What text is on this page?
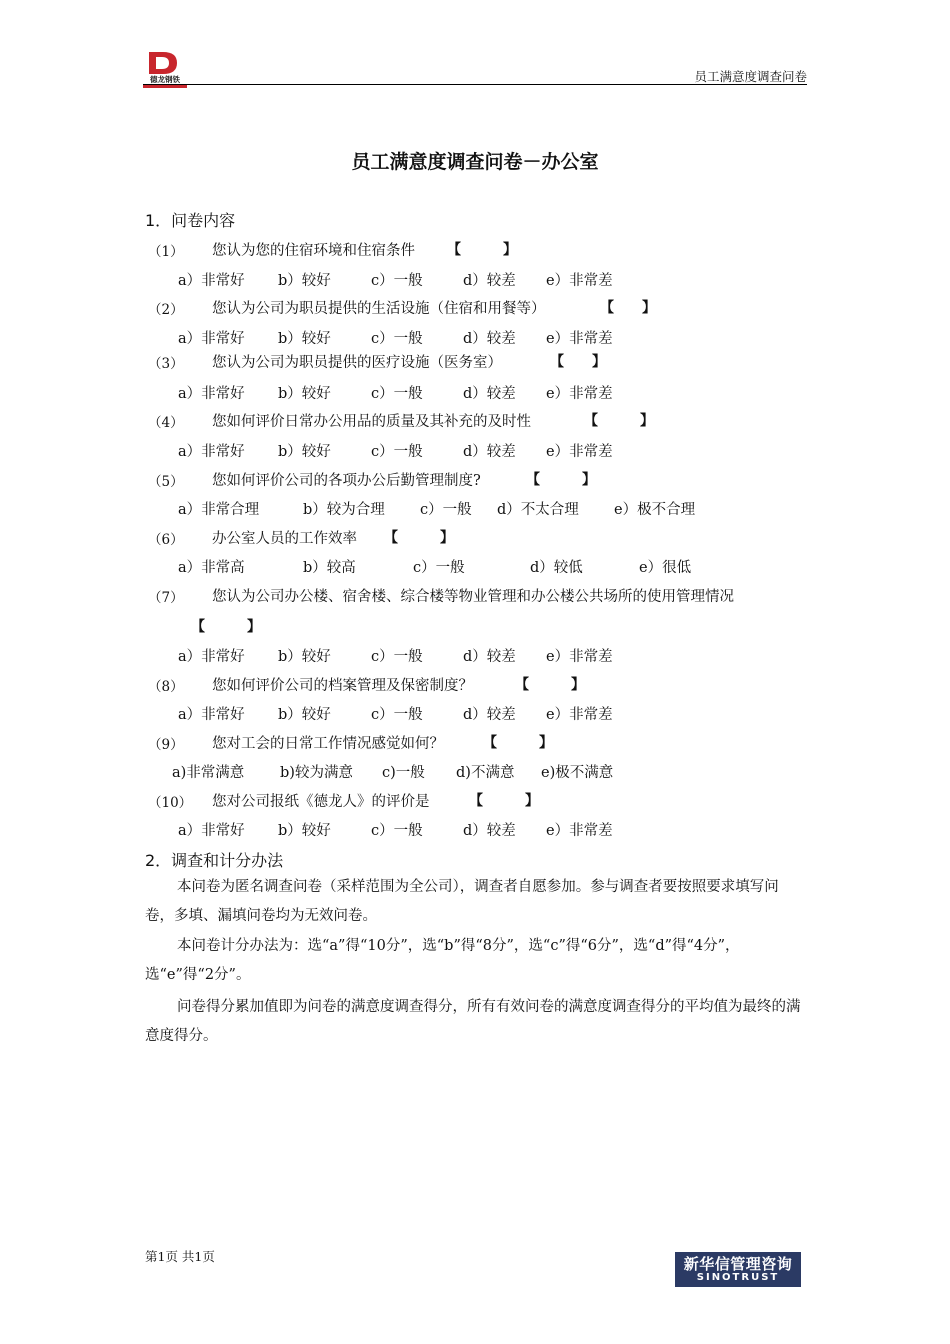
德龙钢铁	员工满意度调查问卷
员工满意度调查问卷－办公室
1．问卷内容
（1） 您认为您的住宿环境和住宿条件 【　　　】
a）非常好 b）较好	c）一般	d）较差 e）非常差
（2） 您认为公司为职员提供的生活设施（住宿和用餐等）	【　　】
a）非常好 b）较好	c）一般	d）较差 e）非常差
（3） 您认为公司为职员提供的医疗设施（医务室）	【　　】
a）非常好 b）较好	c）一般	d）较差 e）非常差
（4） 您如何评价日常办公用品的质量及其补充的及时性	【　　　】
a）非常好 b）较好	c）一般	d）较差 e）非常差
（5） 您如何评价公司的各项办公后勤管理制度?	【　　　】
a）非常合理	b）较为合理 c）一般 d）不太合理 e）极不合理
（6） 办公室人员的工作效率 【　　　】
a）非常高	b）较高	c）一般	d）较低	e）很低
（7） 您认为公司办公楼、宿舍楼、综合楼等物业管理和办公楼公共场所的使用管理情况
【　　　】
a）非常好 b）较好	c）一般	d）较差 e）非常差
（8） 您如何评价公司的档案管理及保密制度？	【　　　】
a）非常好 b）较好	c）一般	d）较差 e）非常差
（9） 您对工会的日常工作情况感觉如何？	【　　　】
a)非常满意 b)较为满意 c)一般 d)不满意 e)极不满意
（10） 您对公司报纸《德龙人》的评价是	【　　　】
a）非常好 b）较好	c）一般	d）较差 e）非常差
2．调查和计分办法
本问卷为匿名调查问卷（采样范围为全公司），调查者自愿参加。参与调查者要按照要求填写问卷，多填、漏填问卷均为无效问卷。
本问卷计分办法为：选“a”得“10分”，选“b”得“8分”，选“c”得“6分”，选“d”得“4分”，选“e”得“2分”。
问卷得分累加值即为问卷的满意度调查得分，所有有效问卷的满意度调查得分的平均值为最终的满意度得分。
第1页 共1页	新华信管理咨询
SINOTRUST
